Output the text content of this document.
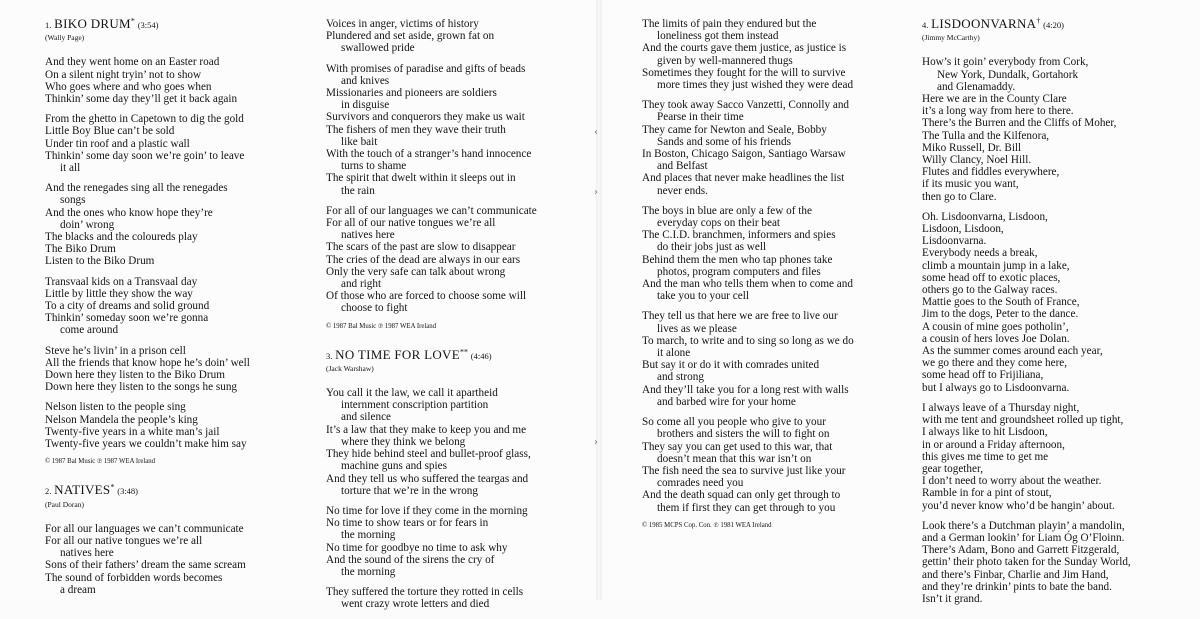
‹
›
›
1. BIKO DRUM* (3:54)
(Wally Page)
And they went home on an Easter road
On a silent night tryin’ not to show
Who goes where and who goes when
Thinkin’ some day they’ll get it back again
From the ghetto in Capetown to dig the gold
Little Boy Blue can’t be sold
Under tin roof and a plastic wall
Thinkin’ some day soon we’re goin’ to leave
it all
And the renegades sing all the renegades
songs
And the ones who know hope they’re
doin’ wrong
The blacks and the coloureds play
The Biko Drum
Listen to the Biko Drum
Transvaal kids on a Transvaal day
Little by little they show the way
To a city of dreams and solid ground
Thinkin’ someday soon we’re gonna
come around
Steve he’s livin’ in a prison cell
All the friends that know hope he’s doin’ well
Down here they listen to the Biko Drum
Down here they listen to the songs he sung
Nelson listen to the people sing
Nelson Mandela the people’s king
Twenty-five years in a white man’s jail
Twenty-five years we couldn’t make him say
© 1987 Bal Music ℗ 1987 WEA Ireland
2. NATIVES* (3:48)
(Paul Doran)
For all our languages we can’t communicate
For all our native tongues we’re all
natives here
Sons of their fathers’ dream the same scream
The sound of forbidden words becomes
a dream
Voices in anger, victims of history
Plundered and set aside, grown fat on
swallowed pride
With promises of paradise and gifts of beads
and knives
Missionaries and pioneers are soldiers
in disguise
Survivors and conquerors they make us wait
The fishers of men they wave their truth
like bait
With the touch of a stranger’s hand innocence
turns to shame
The spirit that dwelt within it sleeps out in
the rain
For all of our languages we can’t communicate
For all of our native tongues we’re all
natives here
The scars of the past are slow to disappear
The cries of the dead are always in our ears
Only the very safe can talk about wrong
and right
Of those who are forced to choose some will
choose to fight
© 1987 Bal Music ℗ 1987 WEA Ireland
3. NO TIME FOR LOVE** (4:46)
(Jack Warshaw)
You call it the law, we call it apartheid
internment conscription partition
and silence
It’s a law that they make to keep you and me
where they think we belong
They hide behind steel and bullet-proof glass,
machine guns and spies
And they tell us who suffered the teargas and
torture that we’re in the wrong
No time for love if they come in the morning
No time to show tears or for fears in
the morning
No time for goodbye no time to ask why
And the sound of the sirens the cry of
the morning
They suffered the torture they rotted in cells
went crazy wrote letters and died
The limits of pain they endured but the
loneliness got them instead
And the courts gave them justice, as justice is
given by well-mannered thugs
Sometimes they fought for the will to survive
more times they just wished they were dead
They took away Sacco Vanzetti, Connolly and
Pearse in their time
They came for Newton and Seale, Bobby
Sands and some of his friends
In Boston, Chicago Saigon, Santiago Warsaw
and Belfast
And places that never make headlines the list
never ends.
The boys in blue are only a few of the
everyday cops on their beat
The C.I.D. branchmen, informers and spies
do their jobs just as well
Behind them the men who tap phones take
photos, program computers and files
And the man who tells them when to come and
take you to your cell
They tell us that here we are free to live our
lives as we please
To march, to write and to sing so long as we do
it alone
But say it or do it with comrades united
and strong
And they’ll take you for a long rest with walls
and barbed wire for your home
So come all you people who give to your
brothers and sisters the will to fight on
They say you can get used to this war, that
doesn’t mean that this war isn’t on
The fish need the sea to survive just like your
comrades need you
And the death squad can only get through to
them if first they can get through to you
© 1985 MCPS Cop. Con. ℗ 1981 WEA Ireland
4. LISDOONVARNA† (4:20)
(Jimmy McCarthy)
How’s it goin’ everybody from Cork,
New York, Dundalk, Gortahork
and Glenamaddy.
Here we are in the County Clare
it’s a long way from here to there.
There’s the Burren and the Cliffs of Moher,
The Tulla and the Kilfenora,
Miko Russell, Dr. Bill
Willy Clancy, Noel Hill.
Flutes and fiddles everywhere,
if its music you want,
then go to Clare.
Oh. Lisdoonvarna, Lisdoon,
Lisdoon, Lisdoon,
Lisdoonvarna.
Everybody needs a break,
climb a mountain jump in a lake,
some head off to exotic places,
others go to the Galway races.
Mattie goes to the South of France,
Jim to the dogs, Peter to the dance.
A cousin of mine goes potholin’,
a cousin of hers loves Joe Dolan.
As the summer comes around each year,
we go there and they come here,
some head off to Frijiliana,
but I always go to Lisdoonvarna.
I always leave of a Thursday night,
with me tent and groundsheet rolled up tight,
I always like to hit Lisdoon,
in or around a Friday afternoon,
this gives me time to get me
gear together,
I don’t need to worry about the weather.
Ramble in for a pint of stout,
you’d never know who’d be hangin’ about.
Look there’s a Dutchman playin’ a mandolin,
and a German lookin’ for Liam Óg O’Floinn.
There’s Adam, Bono and Garrett Fitzgerald,
gettin’ their photo taken for the Sunday World,
and there’s Finbar, Charlie and Jim Hand,
and they’re drinkin’ pints to bate the band.
Isn’t it grand.
